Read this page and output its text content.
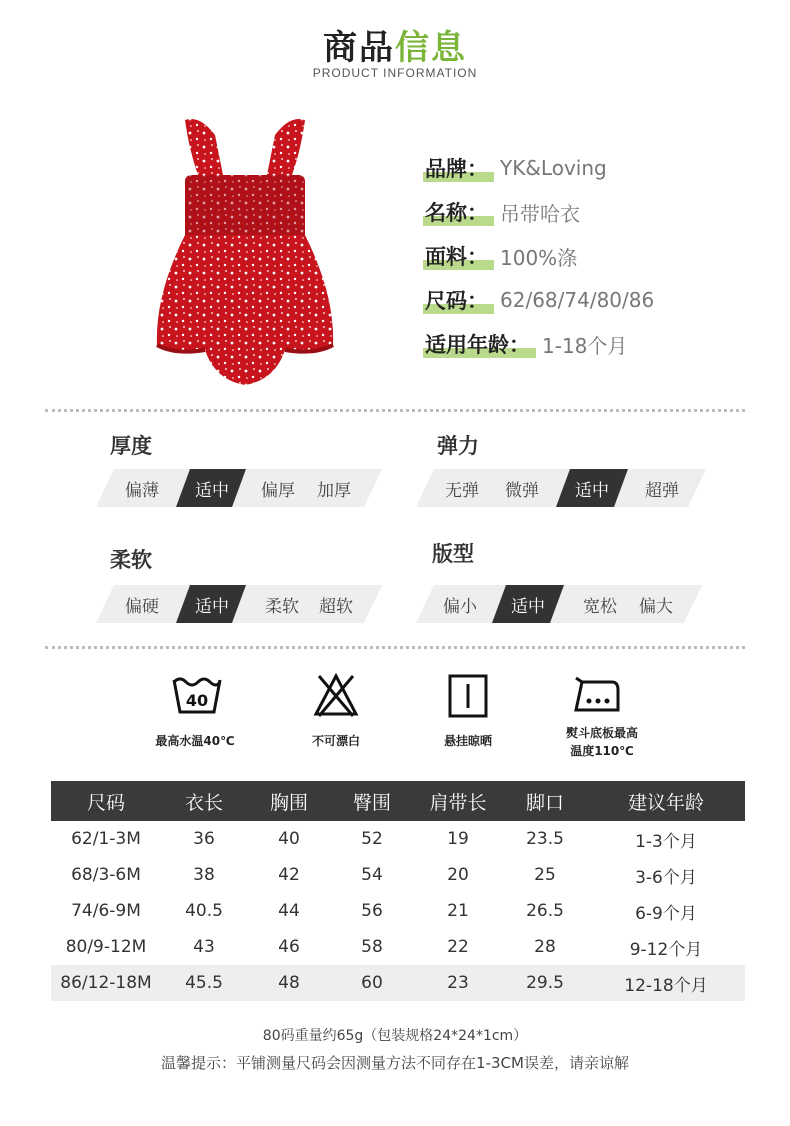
商品信息
PRODUCT INFORMATION
品牌： YK&Loving
名称： 吊带哈衣
面料： 100%涤
尺码： 62/68/74/80/86
适用年龄： 1-18个月
厚度
偏薄	适中	偏厚	加厚
弹力
无弹	微弹	适中	超弹
柔软
偏硬	适中	柔软	超软
版型
偏小	适中	宽松	偏大
40
最高水温40℃	不可漂白	悬挂晾晒
熨斗底板最高
温度110℃
尺码	衣长	胸围	臀围	肩带长	脚口	建议年龄
62/1-3M	36	40	52	19	23.5	1-3个月
68/3-6M	38	42	54	20	25	3-6个月
74/6-9M	40.5	44	56	21	26.5	6-9个月
80/9-12M	43	46	58	22	28	9-12个月
86/12-18M	45.5	48	60	23	29.5	12-18个月
80码重量约65g（包装规格24*24*1cm）
温馨提示：平铺测量尺码会因测量方法不同存在1-3CM误差，请亲谅解
